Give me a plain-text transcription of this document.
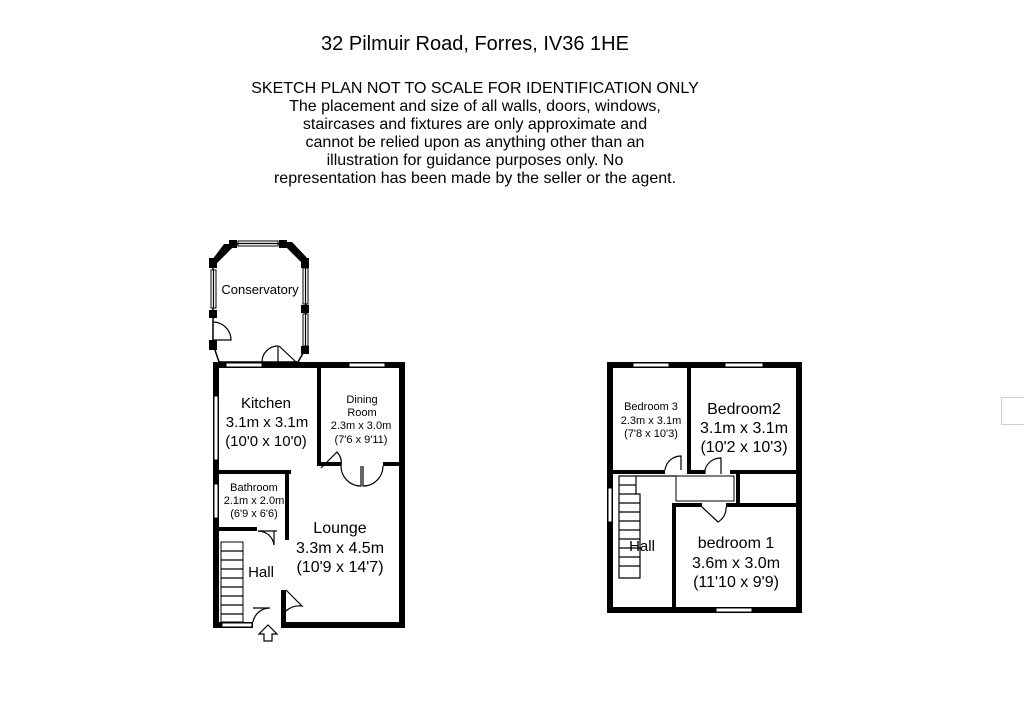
32 Pilmuir Road, Forres, IV36 1HE
SKETCH PLAN NOT TO SCALE FOR IDENTIFICATION ONLY
The placement and size of all walls, doors, windows,
staircases and fixtures are only approximate and
cannot be relied upon as anything other than an
illustration for guidance purposes only. No
representation has been made by the seller or the agent.
Conservatory
Kitchen
3.1m x 3.1m
(10'0 x 10'0)
Dining
Room
2.3m x 3.0m
(7'6 x 9'11)
Bathroom
2.1m x 2.0m
(6'9 x 6'6)
Lounge
3.3m x 4.5m
(10'9 x 14'7)
Hall
Bedroom 3
2.3m x 3.1m
(7'8 x 10'3)
Bedroom2
3.1m x 3.1m
(10'2 x 10'3)
Hall	bedroom 1
3.6m x 3.0m
(11'10 x 9'9)
